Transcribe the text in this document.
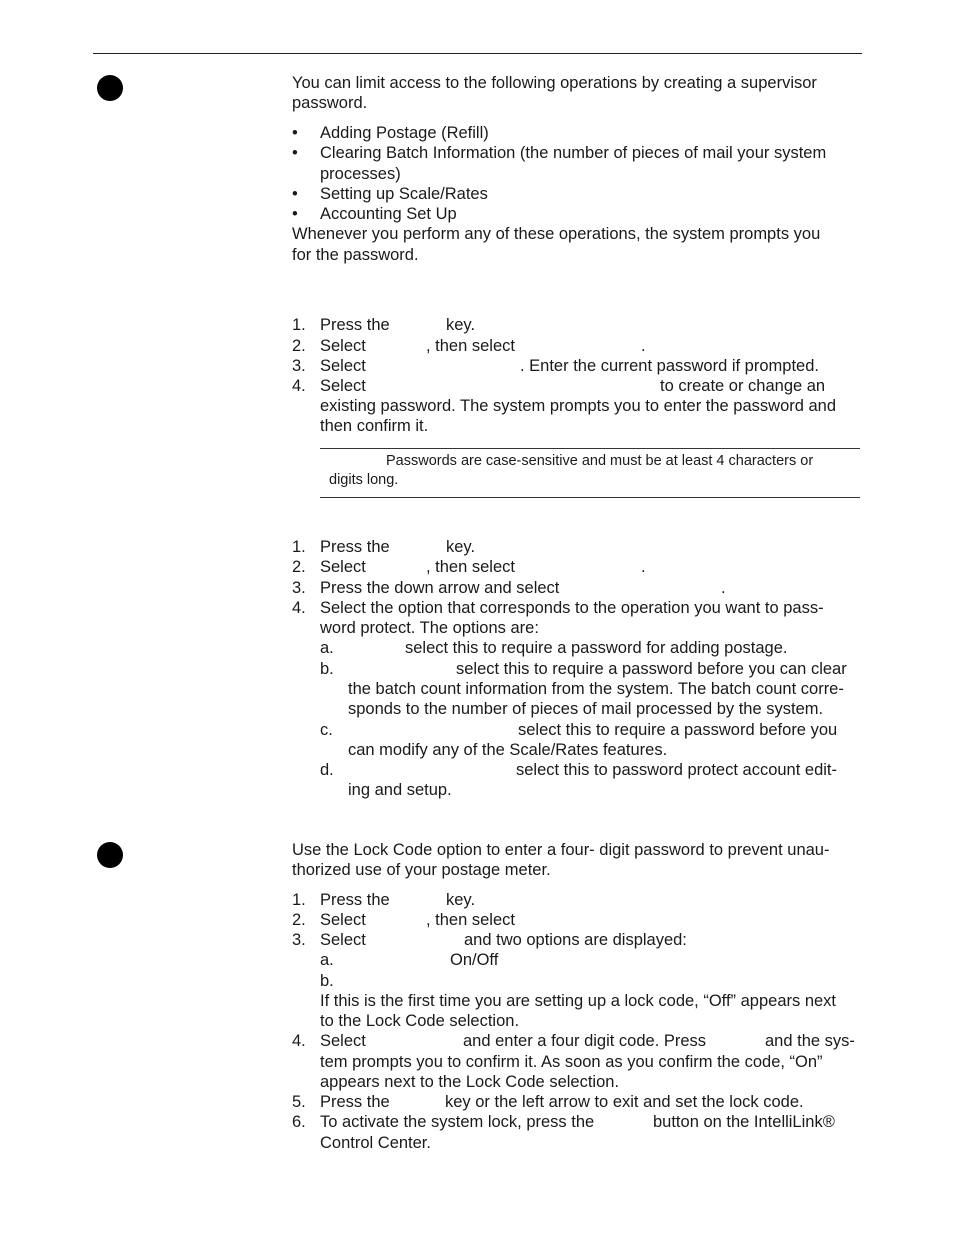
You can limit access to the following operations by creating a supervisor
password.
• Adding Postage (Refill)
• Clearing Batch Information (the number of pieces of mail your system
processes)
• Setting up Scale/Rates
• Accounting Set Up
Whenever you perform any of these operations, the system prompts you
for the password.
1. Press the	key.
2. Select	, then select	.
3. Select	. Enter the current password if prompted.
4. Select	to create or change an
existing password. The system prompts you to enter the password and
then confirm it.
Passwords are case-sensitive and must be at least 4 characters or
digits long.
1. Press the	key.
2. Select	, then select	.
3. Press the down arrow and select	.
4. Select the option that corresponds to the operation you want to pass-
word protect. The options are:
a.	select this to require a password for adding postage.
b.	select this to require a password before you can clear
the batch count information from the system. The batch count corre-
sponds to the number of pieces of mail processed by the system.
c.	select this to require a password before you
can modify any of the Scale/Rates features.
d.	select this to password protect account edit-
ing and setup.
Use the Lock Code option to enter a four- digit password to prevent unau-
thorized use of your postage meter.
1. Press the	key.
2. Select	, then select
3. Select	and two options are displayed:
a.	On/Off
b.
If this is the first time you are setting up a lock code, “Off” appears next
to the Lock Code selection.
4. Select	and enter a four digit code. Press	and the sys-
tem prompts you to confirm it. As soon as you confirm the code, “On”
appears next to the Lock Code selection.
5. Press the	key or the left arrow to exit and set the lock code.
6. To activate the system lock, press the	button on the IntelliLink®
Control Center.
